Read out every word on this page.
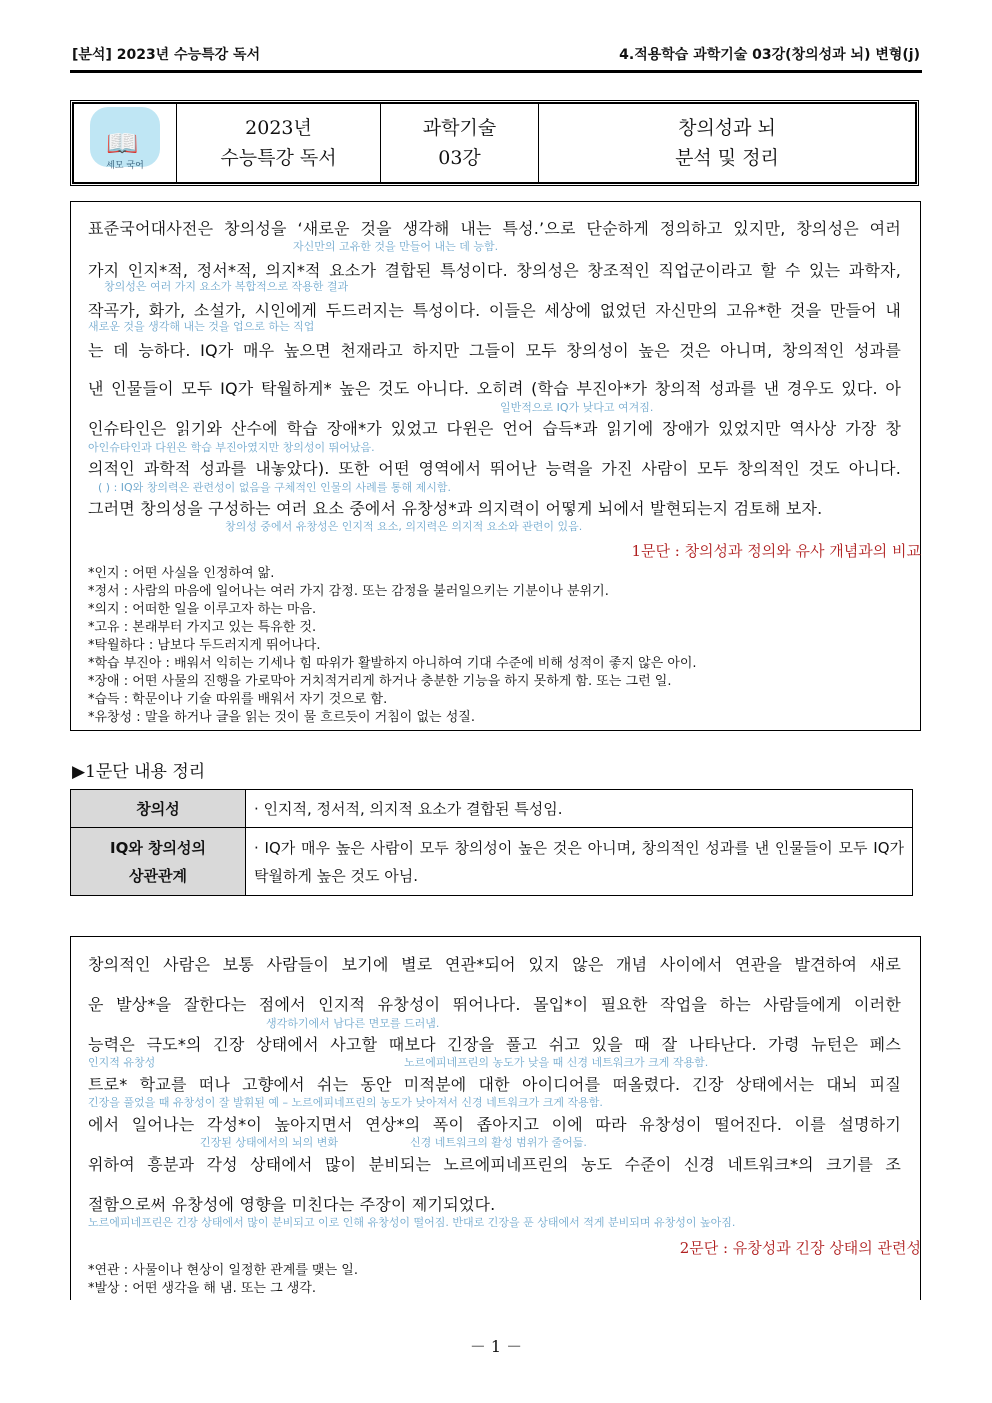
[분석] 2023년 수능특강 독서	4.적용학습 과학기술 03강(창의성과 뇌) 변형(j)
📖
세모 국어

2023년
수능특강 독서

과학기술
03강

창의성과 뇌
분석 및 정리
표준국어대사전은 창의성을 ‘새로운 것을 생각해 내는 특성.’으로 단순하게 정의하고 있지만, 창의성은 여러
자신만의 고유한 것을 만들어 내는 데 능함.
가지 인지*적, 정서*적, 의지*적 요소가 결합된 특성이다. 창의성은 창조적인 직업군이라고 할 수 있는 과학자,
창의성은 여러 가지 요소가 복합적으로 작용한 결과
작곡가, 화가, 소설가, 시인에게 두드러지는 특성이다. 이들은 세상에 없었던 자신만의 고유*한 것을 만들어 내
새로운 것을 생각해 내는 것을 업으로 하는 직업
는 데 능하다. IQ가 매우 높으면 천재라고 하지만 그들이 모두 창의성이 높은 것은 아니며, 창의적인 성과를
낸 인물들이 모두 IQ가 탁월하게* 높은 것도 아니다. 오히려 (학습 부진아*가 창의적 성과를 낸 경우도 있다. 아
일반적으로 IQ가 낮다고 여겨짐.
인슈타인은 읽기와 산수에 학습 장애*가 있었고 다윈은 언어 습득*과 읽기에 장애가 있었지만 역사상 가장 창
아인슈타인과 다윈은 학습 부진아였지만 창의성이 뛰어났음.
의적인 과학적 성과를 내놓았다). 또한 어떤 영역에서 뛰어난 능력을 가진 사람이 모두 창의적인 것도 아니다.
( ) : IQ와 창의력은 관련성이 없음을 구체적인 인물의 사례를 통해 제시함.
그러면 창의성을 구성하는 여러 요소 중에서 유창성*과 의지력이 어떻게 뇌에서 발현되는지 검토해 보자.
창의성 중에서 유창성은 인지적 요소, 의지력은 의지적 요소와 관련이 있음.
1문단 : 창의성과 정의와 유사 개념과의 비교
*인지 : 어떤 사실을 인정하여 앎.
*정서 : 사람의 마음에 일어나는 여러 가지 감정. 또는 감정을 불러일으키는 기분이나 분위기.
*의지 : 어떠한 일을 이루고자 하는 마음.
*고유 : 본래부터 가지고 있는 특유한 것.
*탁월하다 : 남보다 두드러지게 뛰어나다.
*학습 부진아 : 배워서 익히는 기세나 힘 따위가 활발하지 아니하여 기대 수준에 비해 성적이 좋지 않은 아이.
*장애 : 어떤 사물의 진행을 가로막아 거치적거리게 하거나 충분한 기능을 하지 못하게 함. 또는 그런 일.
*습득 : 학문이나 기술 따위를 배워서 자기 것으로 함.
*유창성 : 말을 하거나 글을 읽는 것이 물 흐르듯이 거침이 없는 성질.
▶1문단 내용 정리
창의성	· 인지적, 정서적, 의지적 요소가 결합된 특성임.

IQ와 창의성의
상관관계	· IQ가 매우 높은 사람이 모두 창의성이 높은 것은 아니며, 창의적인 성과를 낸 인물들이 모두 IQ가 탁월하게 높은 것도 아님.
창의적인 사람은 보통 사람들이 보기에 별로 연관*되어 있지 않은 개념 사이에서 연관을 발견하여 새로
운 발상*을 잘한다는 점에서 인지적 유창성이 뛰어나다. 몰입*이 필요한 작업을 하는 사람들에게 이러한
생각하기에서 남다른 면모를 드러냄.
능력은 극도*의 긴장 상태에서 사고할 때보다 긴장을 풀고 쉬고 있을 때 잘 나타난다. 가령 뉴턴은 페스
인지적 유창성	노르에피네프린의 농도가 낮을 때 신경 네트워크가 크게 작용함.
트로* 학교를 떠나 고향에서 쉬는 동안 미적분에 대한 아이디어를 떠올렸다. 긴장 상태에서는 대뇌 피질
긴장을 풀었을 때 유창성이 잘 발휘된 예 – 노르에피네프린의 농도가 낮아져서 신경 네트워크가 크게 작용함.
에서 일어나는 각성*이 높아지면서 연상*의 폭이 좁아지고 이에 따라 유창성이 떨어진다. 이를 설명하기
긴장된 상태에서의 뇌의 변화	신경 네트워크의 활성 범위가 줄어듦.
위하여 흥분과 각성 상태에서 많이 분비되는 노르에피네프린의 농도 수준이 신경 네트워크*의 크기를 조
절함으로써 유창성에 영향을 미친다는 주장이 제기되었다.
노르에피네프린은 긴장 상태에서 많이 분비되고 이로 인해 유창성이 떨어짐. 반대로 긴장을 푼 상태에서 적게 분비되며 유창성이 높아짐.
2문단 : 유창성과 긴장 상태의 관련성
*연관 : 사물이나 현상이 일정한 관계를 맺는 일.
*발상 : 어떤 생각을 해 냄. 또는 그 생각.
－ 1 －
